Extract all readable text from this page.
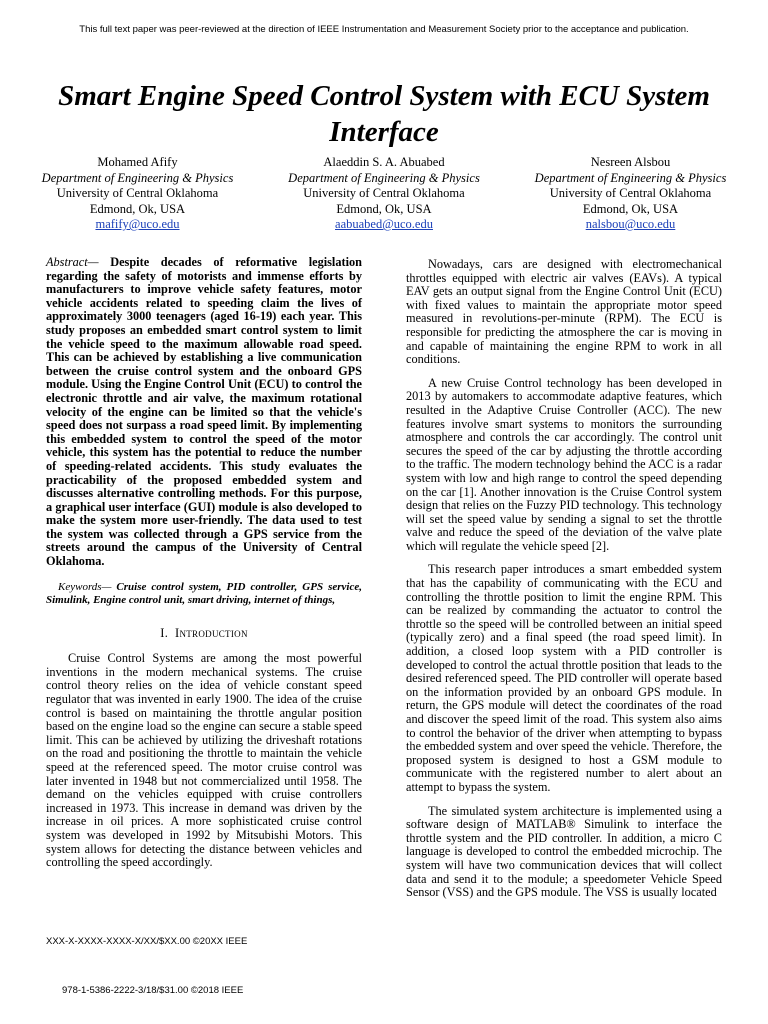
This full text paper was peer-reviewed at the direction of IEEE Instrumentation and Measurement Society prior to the acceptance and publication.
Smart Engine Speed Control System with ECU System Interface
Mohamed Afify
Department of Engineering & Physics
University of Central Oklahoma
Edmond, Ok, USA
mafify@uco.edu
Alaeddin S. A. Abuabed
Department of Engineering & Physics
University of Central Oklahoma
Edmond, Ok, USA
aabuabed@uco.edu
Nesreen Alsbou
Department of Engineering & Physics
University of Central Oklahoma
Edmond, Ok, USA
nalsbou@uco.edu
Abstract— Despite decades of reformative legislation regarding the safety of motorists and immense efforts by manufacturers to improve vehicle safety features, motor vehicle accidents related to speeding claim the lives of approximately 3000 teenagers (aged 16-19) each year. This study proposes an embedded smart control system to limit the vehicle speed to the maximum allowable road speed. This can be achieved by establishing a live communication between the cruise control system and the onboard GPS module. Using the Engine Control Unit (ECU) to control the electronic throttle and air valve, the maximum rotational velocity of the engine can be limited so that the vehicle's speed does not surpass a road speed limit. By implementing this embedded system to control the speed of the motor vehicle, this system has the potential to reduce the number of speeding-related accidents. This study evaluates the practicability of the proposed embedded system and discusses alternative controlling methods. For this purpose, a graphical user interface (GUI) module is also developed to make the system more user-friendly. The data used to test the system was collected through a GPS service from the streets around the campus of the University of Central Oklahoma.
Keywords— Cruise control system, PID controller, GPS service, Simulink, Engine control unit, smart driving, internet of things,
I. Introduction

Cruise Control Systems are among the most powerful inventions in the modern mechanical systems. The cruise control theory relies on the idea of vehicle constant speed regulator that was invented in early 1900. The idea of the cruise control is based on maintaining the throttle angular position based on the engine load so the engine can secure a stable speed limit. This can be achieved by utilizing the driveshaft rotations on the road and positioning the throttle to maintain the vehicle speed at the referenced speed. The motor cruise control was later invented in 1948 but not commercialized until 1958. The demand on the vehicles equipped with cruise controllers increased in 1973. This increase in demand was driven by the increase in oil prices. A more sophisticated cruise control system was developed in 1992 by Mitsubishi Motors. This system allows for detecting the distance between vehicles and controlling the speed accordingly.

Nowadays, cars are designed with electromechanical throttles equipped with electric air valves (EAVs). A typical EAV gets an output signal from the Engine Control Unit (ECU) with fixed values to maintain the appropriate motor speed measured in revolutions-per-minute (RPM). The ECU is responsible for predicting the atmosphere the car is moving in and capable of maintaining the engine RPM to work in all conditions.

A new Cruise Control technology has been developed in 2013 by automakers to accommodate adaptive features, which resulted in the Adaptive Cruise Controller (ACC). The new features involve smart systems to monitors the surrounding atmosphere and controls the car accordingly. The control unit secures the speed of the car by adjusting the throttle according to the traffic. The modern technology behind the ACC is a radar system with low and high range to control the speed depending on the car [1]. Another innovation is the Cruise Control system design that relies on the Fuzzy PID technology. This technology will set the speed value by sending a signal to set the throttle valve and reduce the speed of the deviation of the valve plate which will regulate the vehicle speed [2].

This research paper introduces a smart embedded system that has the capability of communicating with the ECU and controlling the throttle position to limit the engine RPM. This can be realized by commanding the actuator to control the throttle so the speed will be controlled between an initial speed (typically zero) and a final speed (the road speed limit). In addition, a closed loop system with a PID controller is developed to control the actual throttle position that leads to the desired referenced speed. The PID controller will operate based on the information provided by an onboard GPS module. In return, the GPS module will detect the coordinates of the road and discover the speed limit of the road. This system also aims to control the behavior of the driver when attempting to bypass the embedded system and over speed the vehicle. Therefore, the proposed system is designed to host a GSM module to communicate with the registered number to alert about an attempt to bypass the system.

The simulated system architecture is implemented using a software design of MATLAB® Simulink to interface the throttle system and the PID controller. In addition, a micro C language is developed to control the embedded microchip. The system will have two communication devices that will collect data and send it to the module; a speedometer Vehicle Speed Sensor (VSS) and the GPS module. The VSS is usually located

XXX-X-XXXX-XXXX-X/XX/$XX.00 ©20XX IEEE
978-1-5386-2222-3/18/$31.00 ©2018 IEEE
